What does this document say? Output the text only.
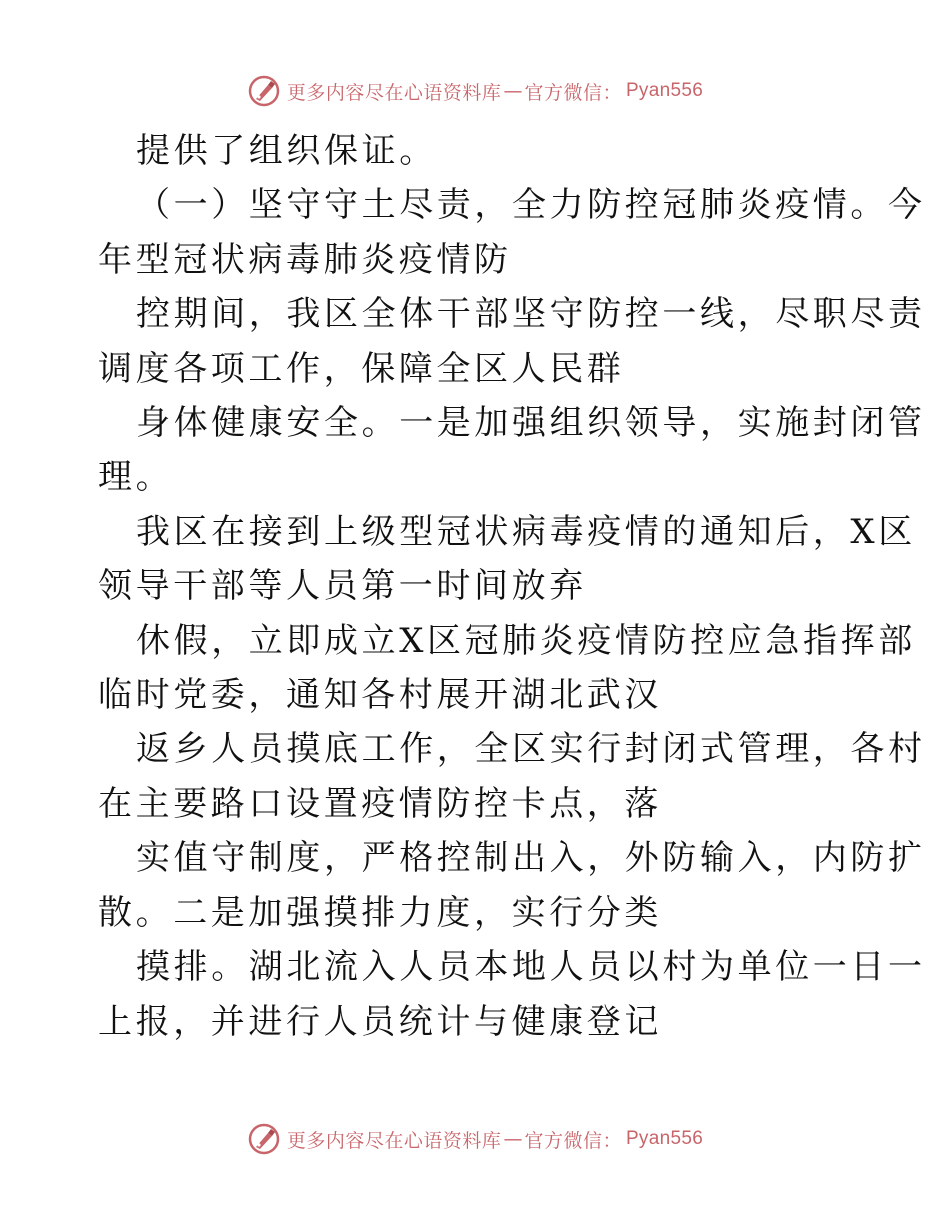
更多内容尽在心语资料库 — 官方微信： Pyan556

提供了组织保证。

（一）坚守守土尽责，全力防控冠肺炎疫情。今
年型冠状病毒肺炎疫情防

控期间，我区全体干部坚守防控一线，尽职尽责
调度各项工作，保障全区人民群

身体健康安全。一是加强组织领导，实施封闭管
理。

我区在接到上级型冠状病毒疫情的通知后，X区
领导干部等人员第一时间放弃

休假，立即成立X区冠肺炎疫情防控应急指挥部
临时党委，通知各村展开湖北武汉

返乡人员摸底工作，全区实行封闭式管理，各村
在主要路口设置疫情防控卡点，落

实值守制度，严格控制出入，外防输入，内防扩
散。二是加强摸排力度，实行分类

摸排。湖北流入人员本地人员以村为单位一日一
上报，并进行人员统计与健康登记

更多内容尽在心语资料库 — 官方微信： Pyan556
